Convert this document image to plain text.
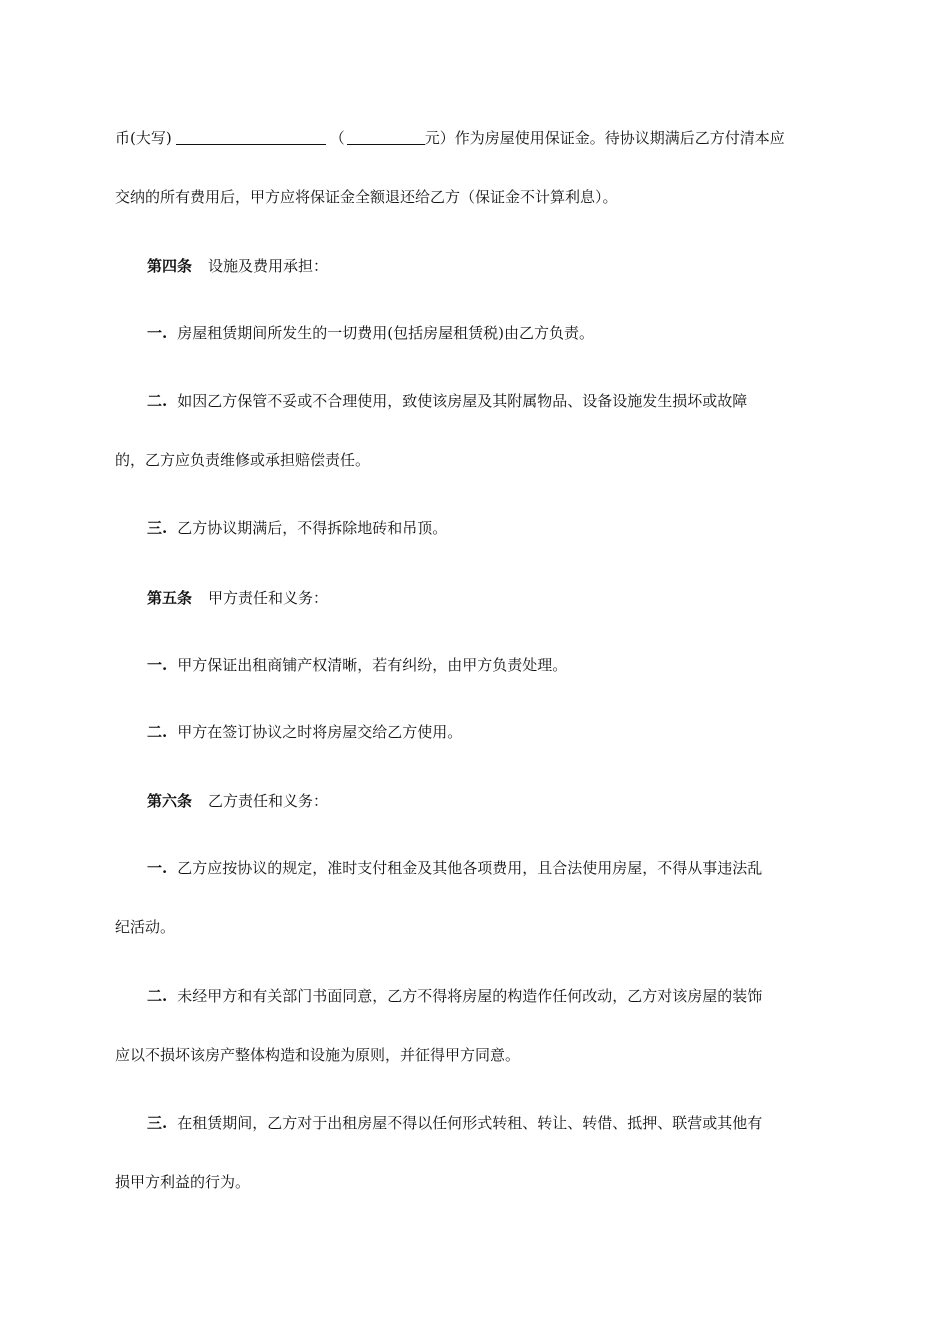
币(大写)	（	元）作为房屋使用保证金。待协议期满后乙方付清本应
交纳的所有费用后，甲方应将保证金全额退还给乙方（保证金不计算利息）。
第四条 设施及费用承担：
一. 房屋租赁期间所发生的一切费用(包括房屋租赁税)由乙方负责。
二. 如因乙方保管不妥或不合理使用，致使该房屋及其附属物品、设备设施发生损坏或故障
的，乙方应负责维修或承担赔偿责任。
三. 乙方协议期满后，不得拆除地砖和吊顶。
第五条 甲方责任和义务：
一. 甲方保证出租商铺产权清晰，若有纠纷，由甲方负责处理。
二. 甲方在签订协议之时将房屋交给乙方使用。
第六条 乙方责任和义务：
一. 乙方应按协议的规定，准时支付租金及其他各项费用，且合法使用房屋，不得从事违法乱
纪活动。
二. 未经甲方和有关部门书面同意，乙方不得将房屋的构造作任何改动，乙方对该房屋的装饰
应以不损坏该房产整体构造和设施为原则，并征得甲方同意。
三. 在租赁期间，乙方对于出租房屋不得以任何形式转租、转让、转借、抵押、联营或其他有
损甲方利益的行为。
